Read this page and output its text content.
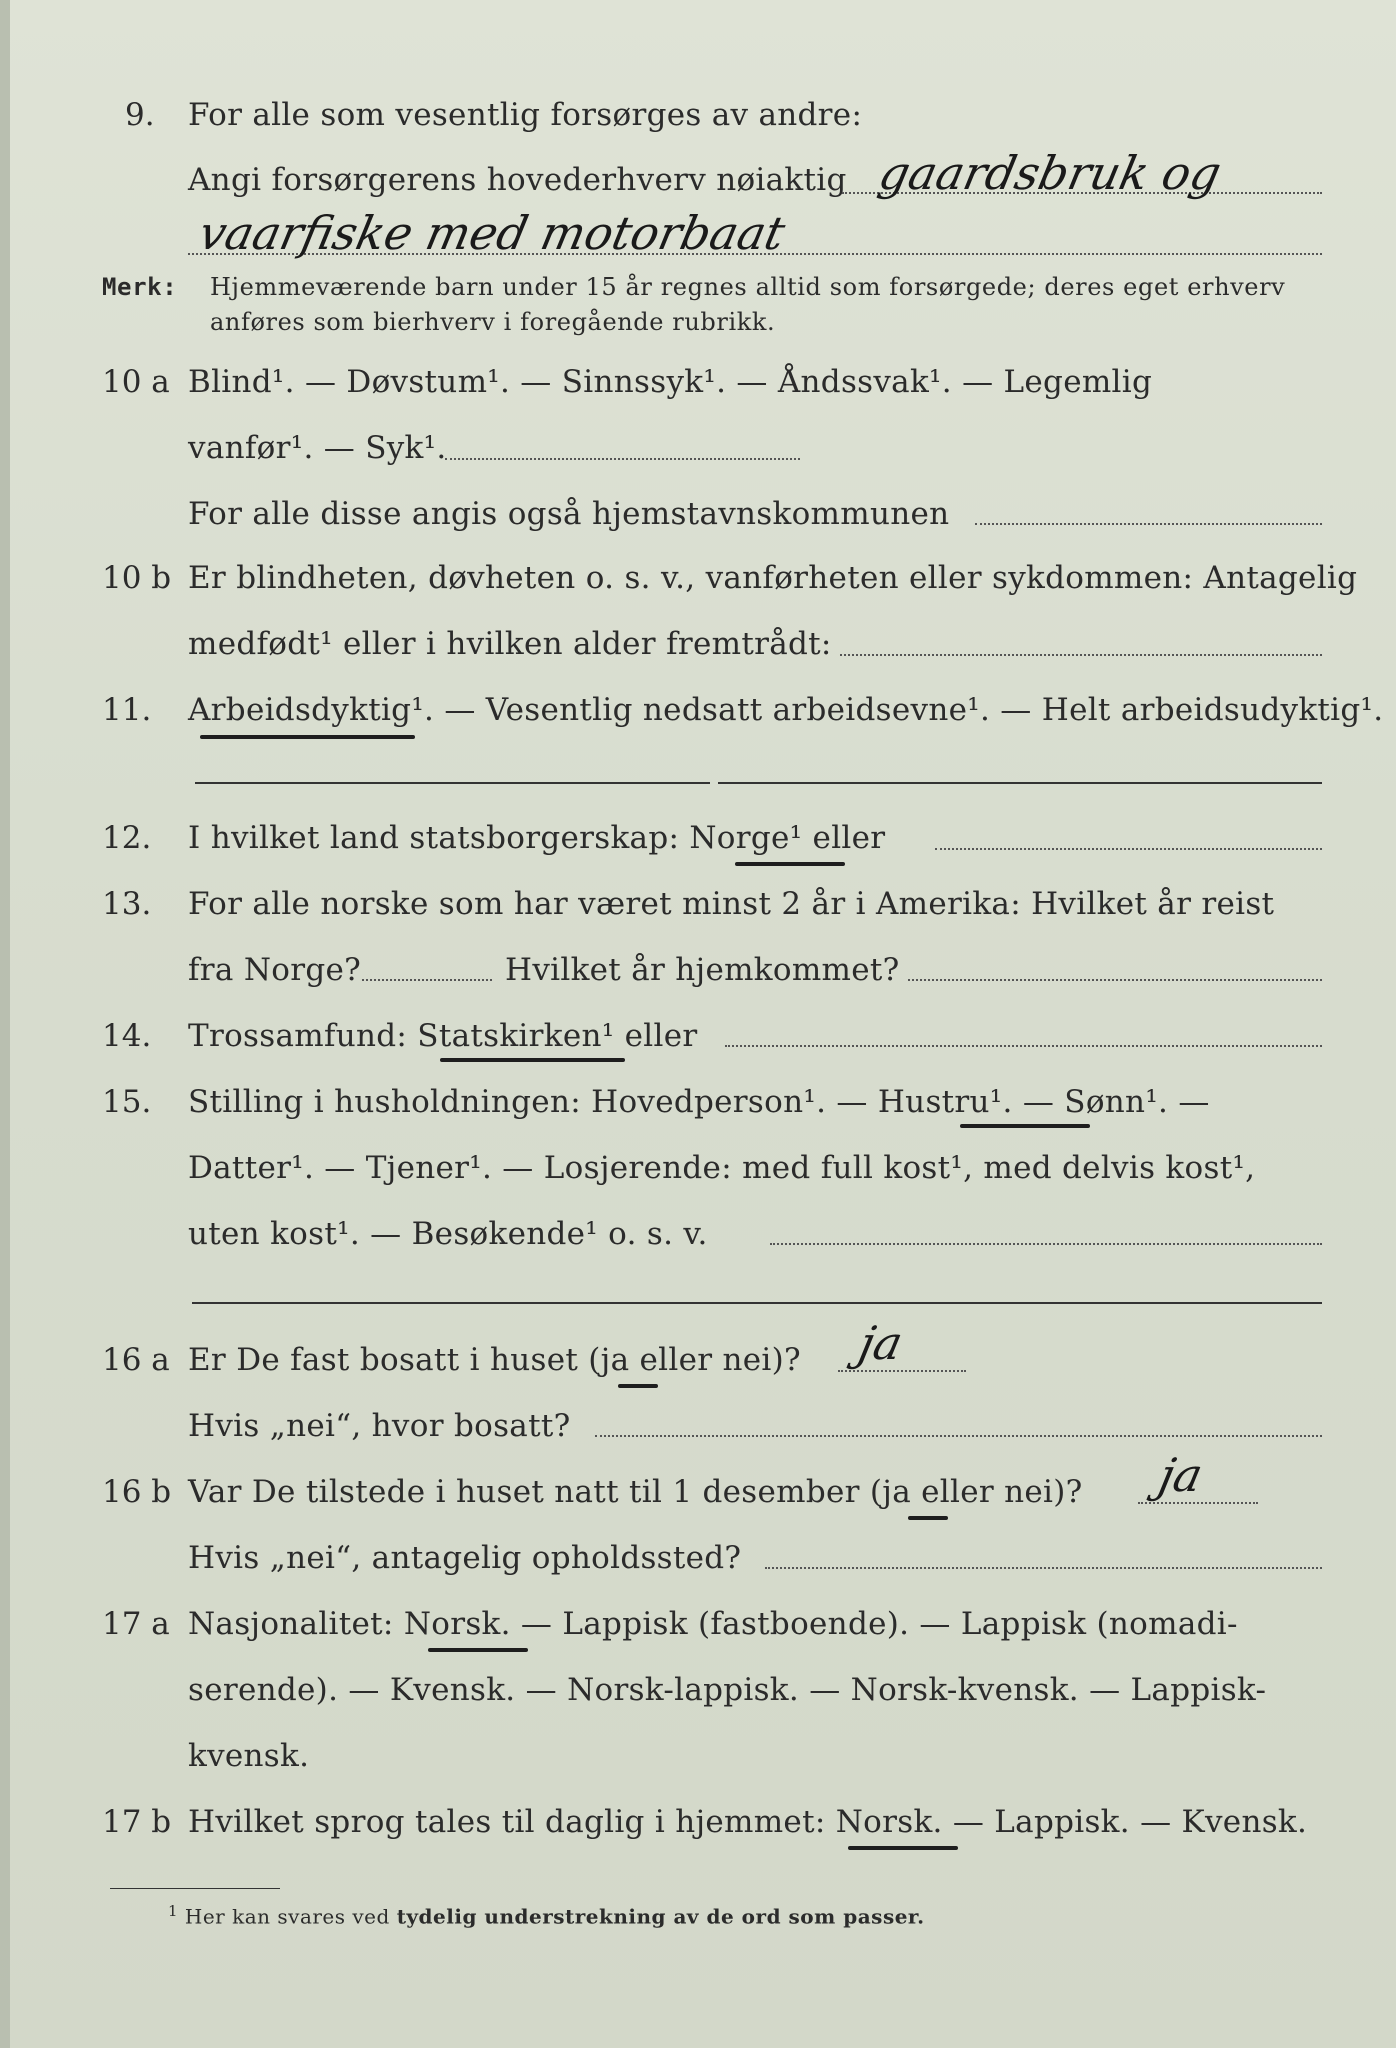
9. For alle som vesentlig forsørges av andre:
Angi forsørgerens hovederhverv nøiaktig gaardsbruk og
vaarfiske med motorbaat
Merk: Hjemmeværende barn under 15 år regnes alltid som forsørgede; deres eget erhverv
anføres som bierhverv i foregående rubrikk.
10 a Blind¹. — Døvstum¹. — Sinnssyk¹. — Åndssvak¹. — Legemlig
vanfør¹. — Syk¹.
For alle disse angis også hjemstavnskommunen
10 b Er blindheten, døvheten o. s. v., vanførheten eller sykdommen: Antagelig
medfødt¹ eller i hvilken alder fremtrådt:
11. Arbeidsdyktig¹. — Vesentlig nedsatt arbeidsevne¹. — Helt arbeidsudyktig¹.
12. I hvilket land statsborgerskap: Norge¹ eller
13. For alle norske som har været minst 2 år i Amerika: Hvilket år reist
fra Norge?	Hvilket år hjemkommet?
14. Trossamfund: Statskirken¹ eller
15. Stilling i husholdningen: Hovedperson¹. — Hustru¹. — Sønn¹. —
Datter¹. — Tjener¹. — Losjerende: med full kost¹, med delvis kost¹,
uten kost¹. — Besøkende¹ o. s. v.
16 a Er De fast bosatt i huset (ja eller nei)? ja
Hvis „nei“, hvor bosatt?
16 b Var De tilstede i huset natt til 1 desember (ja eller nei)? ja
Hvis „nei“, antagelig opholdssted?
17 a Nasjonalitet: Norsk. — Lappisk (fastboende). — Lappisk (nomadi-
serende). — Kvensk. — Norsk-lappisk. — Norsk-kvensk. — Lappisk-
kvensk.
17 b Hvilket sprog tales til daglig i hjemmet: Norsk. — Lappisk. — Kvensk.
$^1$ Her kan svares ved tydelig understrekning av de ord som passer.
